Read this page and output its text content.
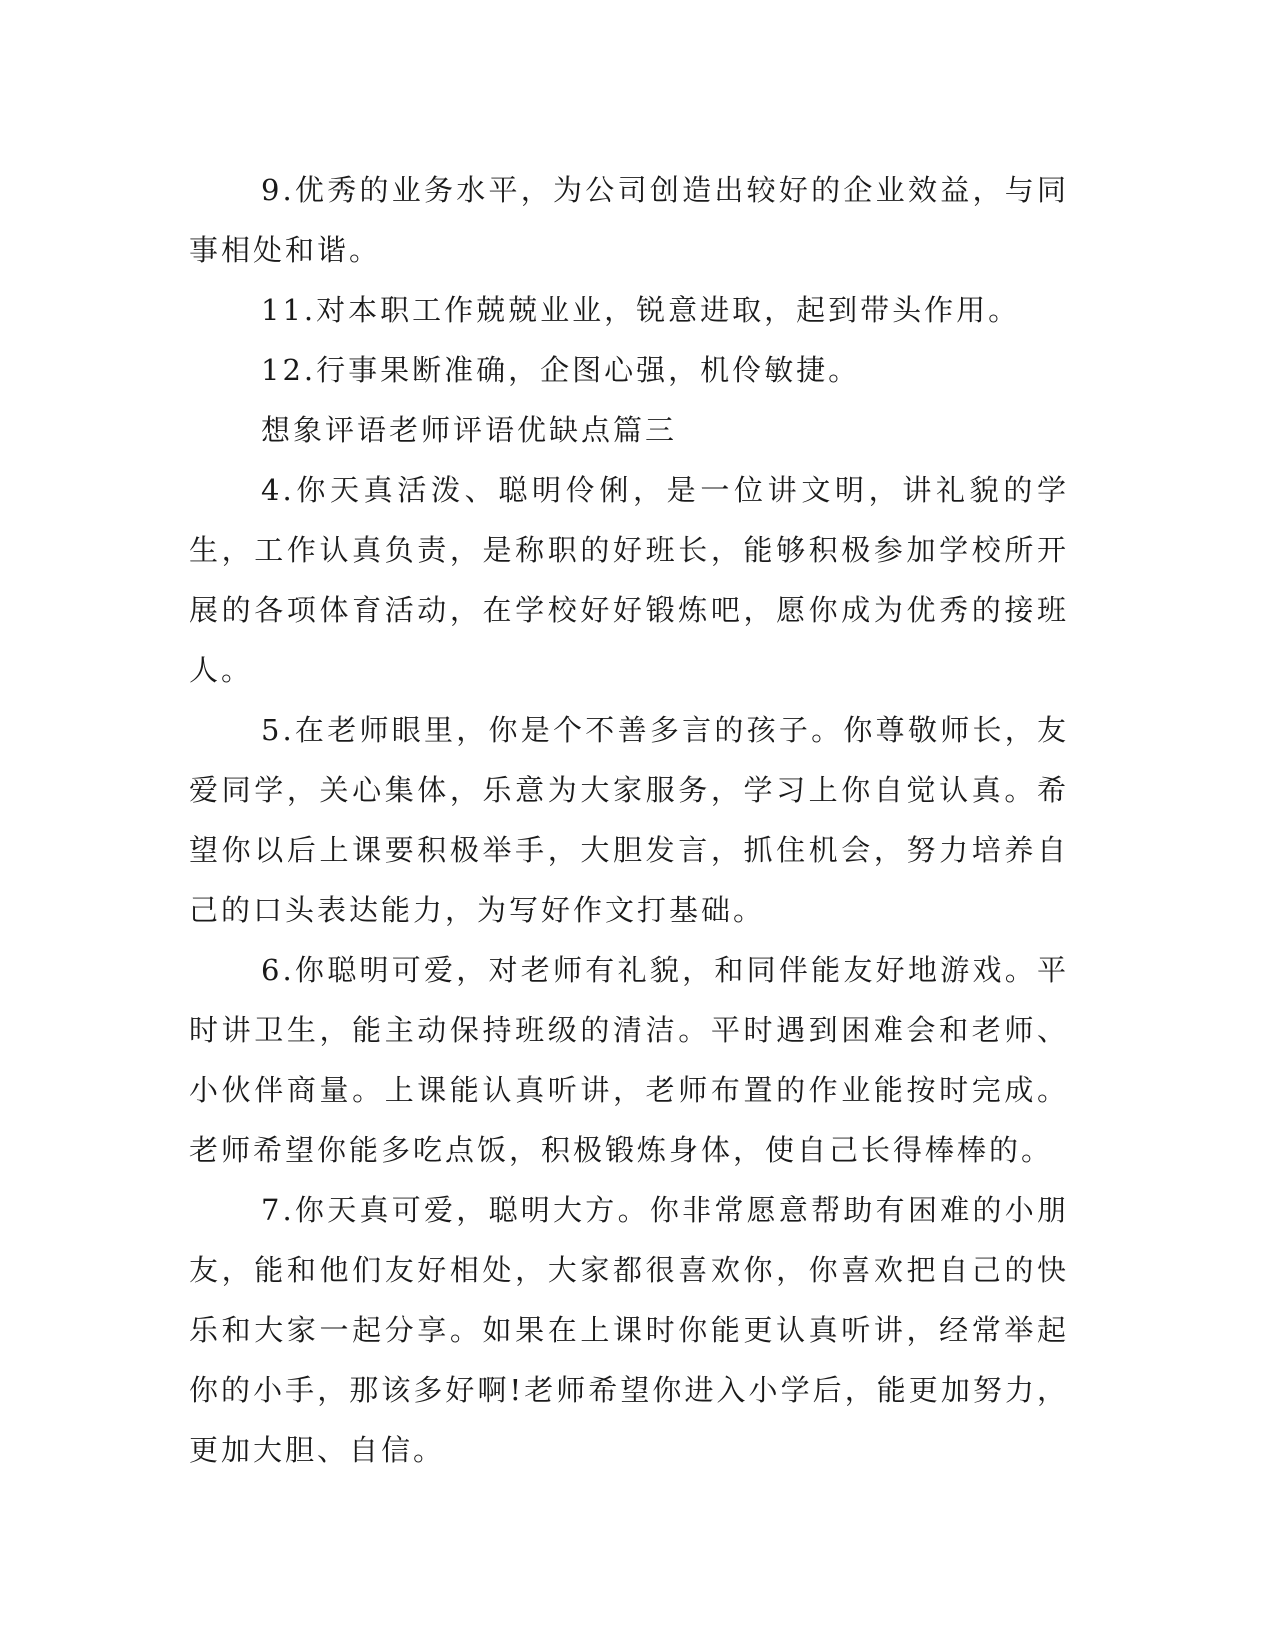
9.优秀的业务水平，为公司创造出较好的企业效益，与同事相处和谐。

11.对本职工作兢兢业业，锐意进取，起到带头作用。

12.行事果断准确，企图心强，机伶敏捷。

想象评语老师评语优缺点篇三

4.你天真活泼、聪明伶俐，是一位讲文明，讲礼貌的学生，工作认真负责，是称职的好班长，能够积极参加学校所开展的各项体育活动，在学校好好锻炼吧，愿你成为优秀的接班人。

5.在老师眼里，你是个不善多言的孩子。你尊敬师长，友爱同学，关心集体，乐意为大家服务，学习上你自觉认真。希望你以后上课要积极举手，大胆发言，抓住机会，努力培养自己的口头表达能力，为写好作文打基础。

6.你聪明可爱，对老师有礼貌，和同伴能友好地游戏。平时讲卫生，能主动保持班级的清洁。平时遇到困难会和老师、小伙伴商量。上课能认真听讲，老师布置的作业能按时完成。老师希望你能多吃点饭，积极锻炼身体，使自己长得棒棒的。

7.你天真可爱，聪明大方。你非常愿意帮助有困难的小朋友，能和他们友好相处，大家都很喜欢你，你喜欢把自己的快乐和大家一起分享。如果在上课时你能更认真听讲，经常举起你的小手，那该多好啊!老师希望你进入小学后，能更加努力，更加大胆、自信。
